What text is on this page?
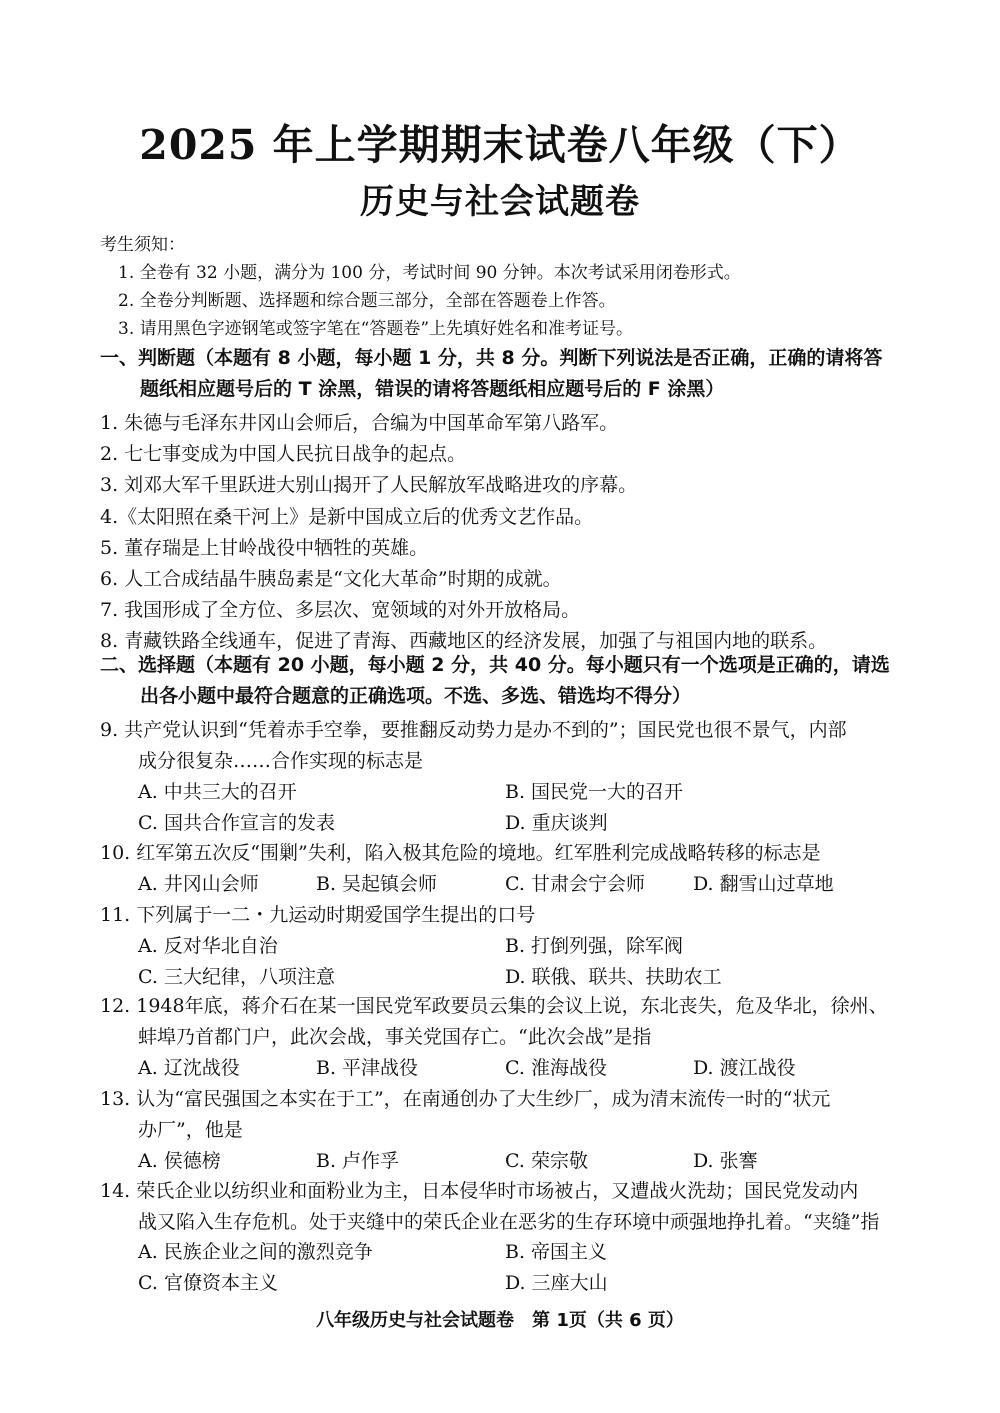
2025 年上学期期末试卷八年级（下）
历史与社会试题卷
考生须知：
1. 全卷有 32 小题，满分为 100 分，考试时间 90 分钟。本次考试采用闭卷形式。
2. 全卷分判断题、选择题和综合题三部分，全部在答题卷上作答。
3. 请用黑色字迹钢笔或签字笔在“答题卷”上先填好姓名和准考证号。
一、判断题（本题有 8 小题，每小题 1 分，共 8 分。判断下列说法是否正确，正确的请将答
题纸相应题号后的 T 涂黑，错误的请将答题纸相应题号后的 F 涂黑）
1. 朱德与毛泽东井冈山会师后，合编为中国革命军第八路军。
2. 七七事变成为中国人民抗日战争的起点。
3. 刘邓大军千里跃进大别山揭开了人民解放军战略进攻的序幕。
4.《太阳照在桑干河上》是新中国成立后的优秀文艺作品。
5. 董存瑞是上甘岭战役中牺牲的英雄。
6. 人工合成结晶牛胰岛素是“文化大革命”时期的成就。
7. 我国形成了全方位、多层次、宽领域的对外开放格局。
8. 青藏铁路全线通车，促进了青海、西藏地区的经济发展，加强了与祖国内地的联系。
二、选择题（本题有 20 小题，每小题 2 分，共 40 分。每小题只有一个选项是正确的，请选
出各小题中最符合题意的正确选项。不选、多选、错选均不得分）
9. 共产党认识到“凭着赤手空拳，要推翻反动势力是办不到的”；国民党也很不景气，内部
成分很复杂……合作实现的标志是
A. 中共三大的召开	B. 国民党一大的召开
C. 国共合作宣言的发表	D. 重庆谈判
10. 红军第五次反“围剿”失利，陷入极其危险的境地。红军胜利完成战略转移的标志是
A. 井冈山会师	B. 吴起镇会师	C. 甘肃会宁会师	D. 翻雪山过草地
11. 下列属于一二・九运动时期爱国学生提出的口号
A. 反对华北自治	B. 打倒列强，除军阀
C. 三大纪律，八项注意	D. 联俄、联共、扶助农工
12. 1948年底，蒋介石在某一国民党军政要员云集的会议上说，东北丧失，危及华北，徐州、
蚌埠乃首都门户，此次会战，事关党国存亡。“此次会战”是指
A. 辽沈战役	B. 平津战役	C. 淮海战役	D. 渡江战役
13. 认为“富民强国之本实在于工”，在南通创办了大生纱厂，成为清末流传一时的“状元
办厂”，他是
A. 侯德榜	B. 卢作孚	C. 荣宗敬	D. 张謇
14. 荣氏企业以纺织业和面粉业为主，日本侵华时市场被占，又遭战火洗劫；国民党发动内
战又陷入生存危机。处于夹缝中的荣氏企业在恶劣的生存环境中顽强地挣扎着。“夹缝”指
A. 民族企业之间的激烈竞争	B. 帝国主义
C. 官僚资本主义	D. 三座大山
八年级历史与社会试题卷　第 1页（共 6 页）
